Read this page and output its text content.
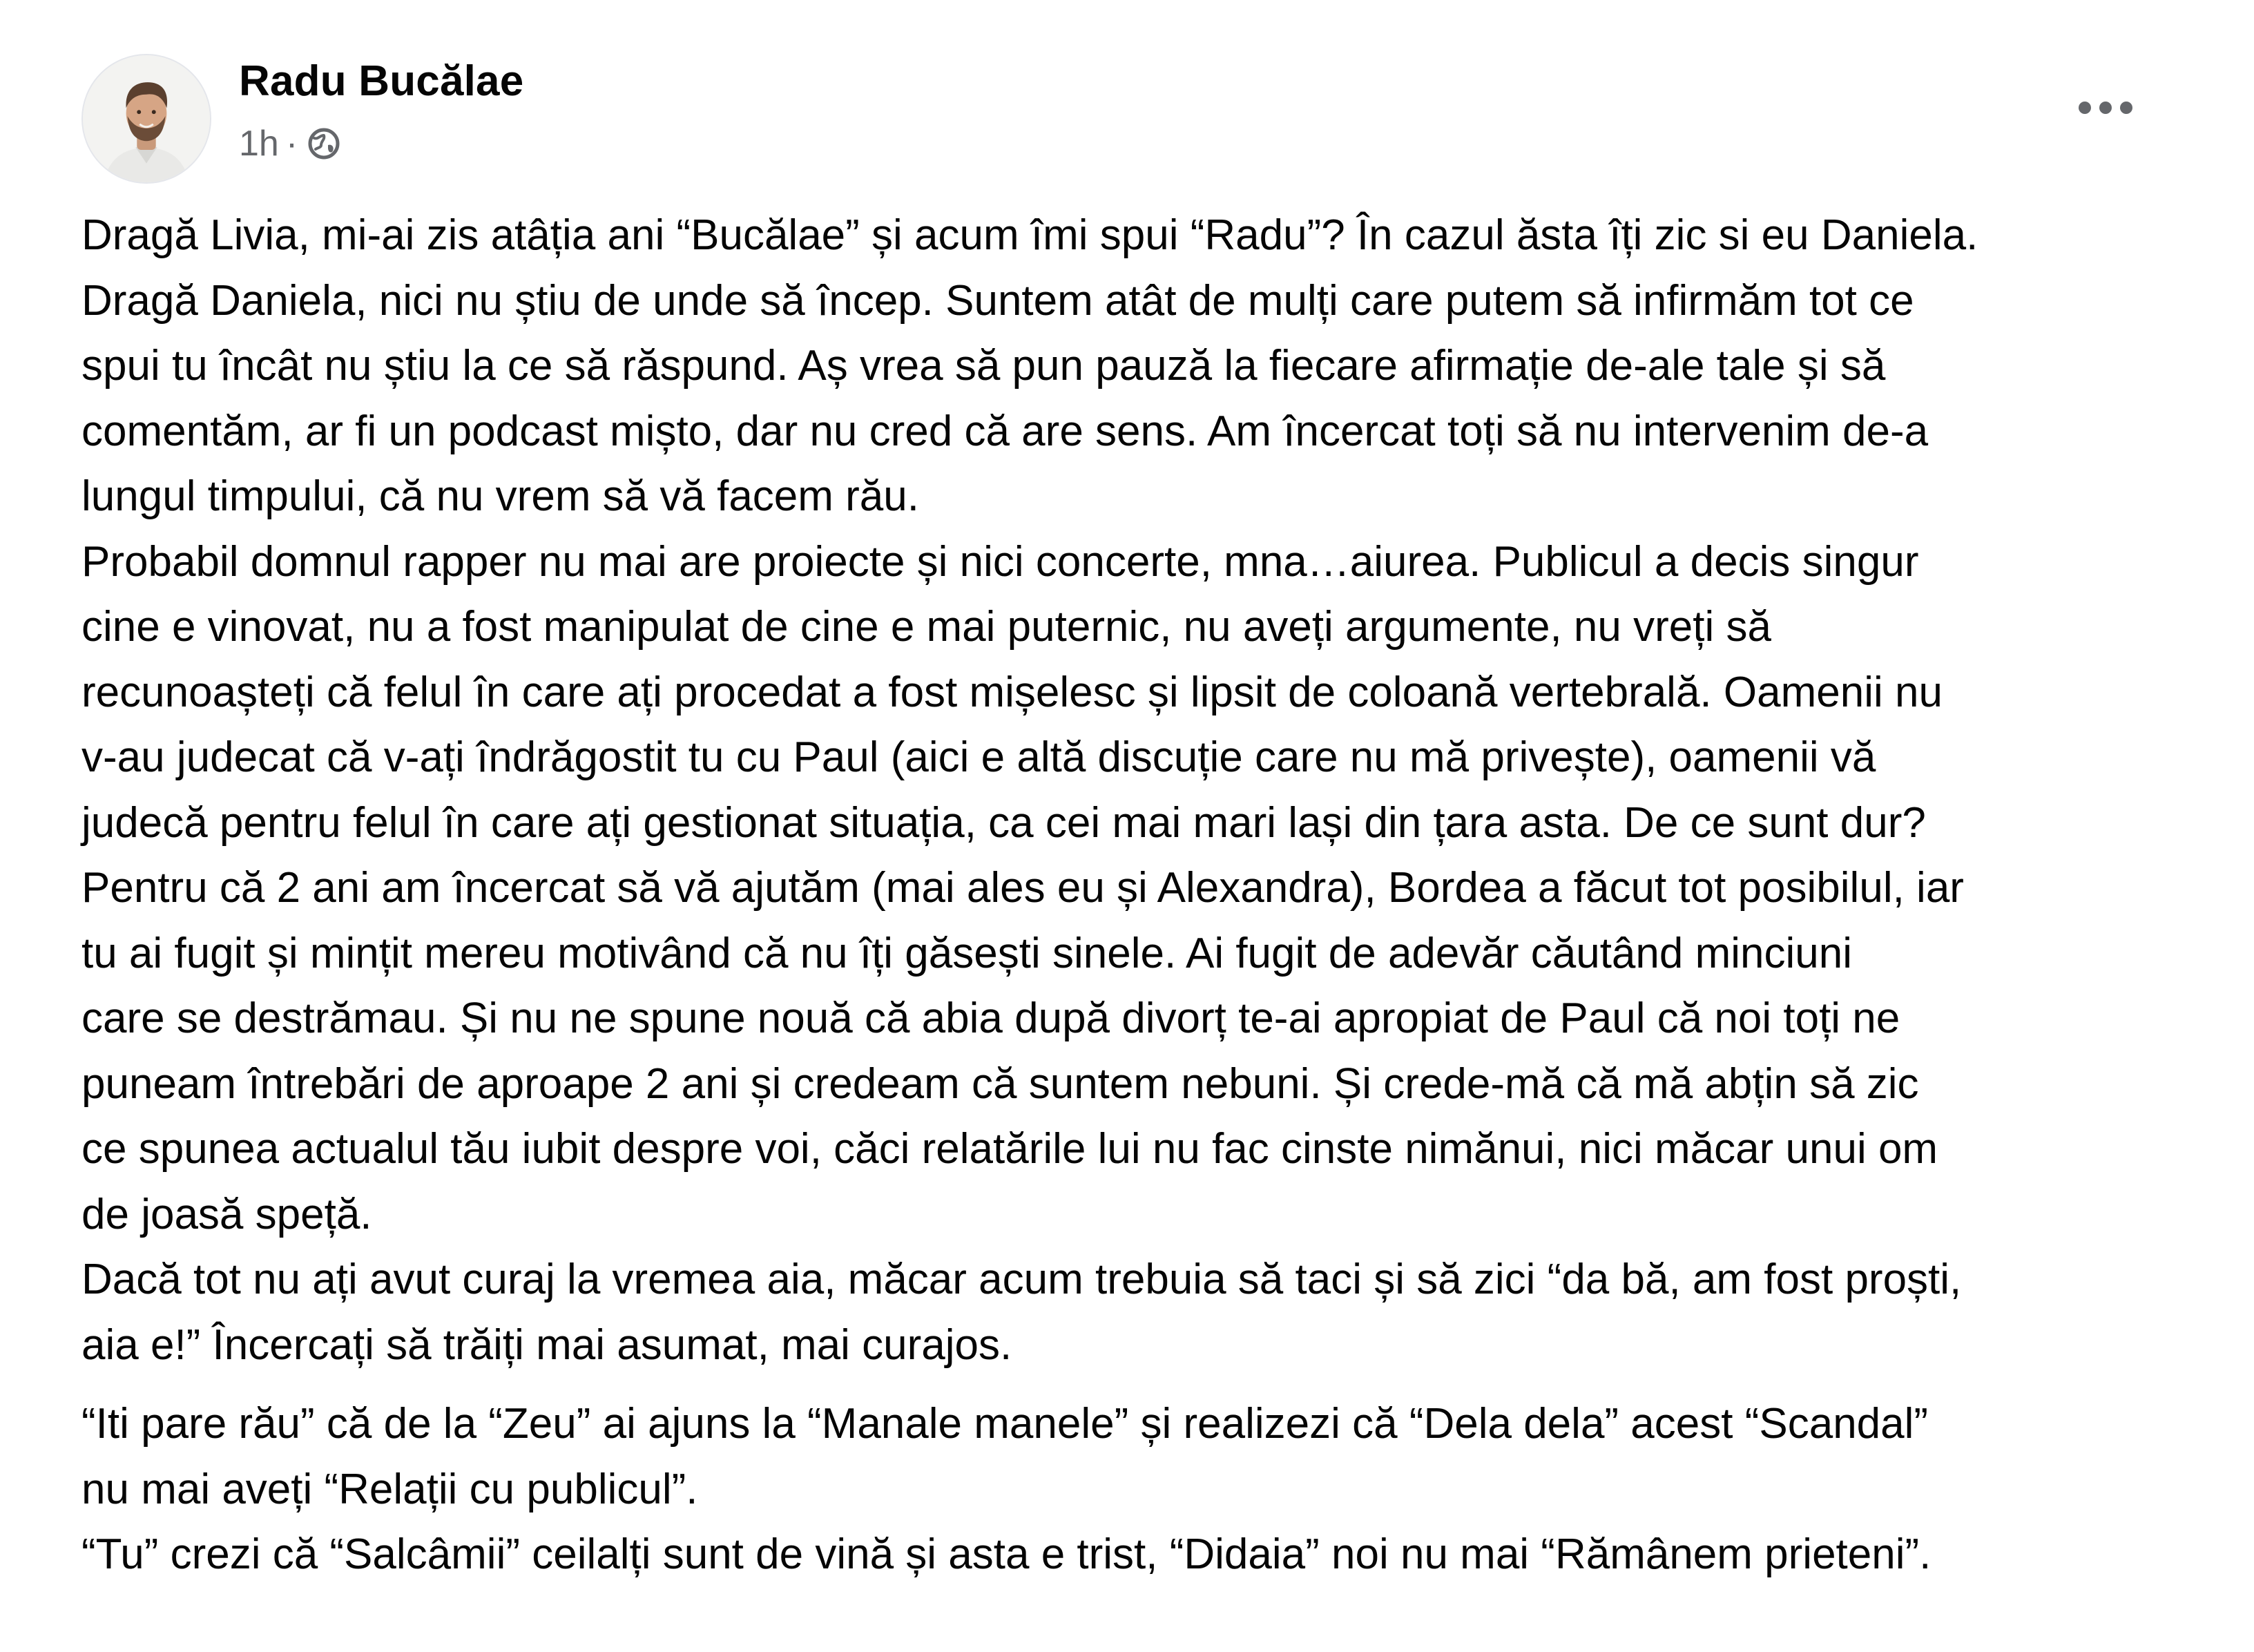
Radu Bucălae
1h ·
Dragă Livia, mi-ai zis atâția ani “Bucălae” și acum îmi spui “Radu”? În cazul ăsta îți zic si eu Daniela.
Dragă Daniela, nici nu știu de unde să încep. Suntem atât de mulți care putem să infirmăm tot ce
spui tu încât nu știu la ce să răspund. Aș vrea să pun pauză la fiecare afirmație de-ale tale și să
comentăm, ar fi un podcast mișto, dar nu cred că are sens. Am încercat toți să nu intervenim de-a
lungul timpului, că nu vrem să vă facem rău.
Probabil domnul rapper nu mai are proiecte și nici concerte, mna…aiurea. Publicul a decis singur
cine e vinovat, nu a fost manipulat de cine e mai puternic, nu aveți argumente, nu vreți să
recunoașteți că felul în care ați procedat a fost mișelesc și lipsit de coloană vertebrală. Oamenii nu
v-au judecat că v-ați îndrăgostit tu cu Paul (aici e altă discuție care nu mă privește), oamenii vă
judecă pentru felul în care ați gestionat situația, ca cei mai mari lași din țara asta. De ce sunt dur?
Pentru că 2 ani am încercat să vă ajutăm (mai ales eu și Alexandra), Bordea a făcut tot posibilul, iar
tu ai fugit și mințit mereu motivând că nu îți găsești sinele. Ai fugit de adevăr căutând minciuni
care se destrămau. Și nu ne spune nouă că abia după divorț te-ai apropiat de Paul că noi toți ne
puneam întrebări de aproape 2 ani și credeam că suntem nebuni. Și crede-mă că mă abțin să zic
ce spunea actualul tău iubit despre voi, căci relatările lui nu fac cinste nimănui, nici măcar unui om
de joasă speță.
Dacă tot nu ați avut curaj la vremea aia, măcar acum trebuia să taci și să zici “da bă, am fost proști,
aia e!” Încercați să trăiți mai asumat, mai curajos.
“Iti pare rău” că de la “Zeu” ai ajuns la “Manale manele” și realizezi că “Dela dela” acest “Scandal”
nu mai aveți “Relații cu publicul”.
“Tu” crezi că “Salcâmii” ceilalți sunt de vină și asta e trist, “Didaia” noi nu mai “Rămânem prieteni”.
